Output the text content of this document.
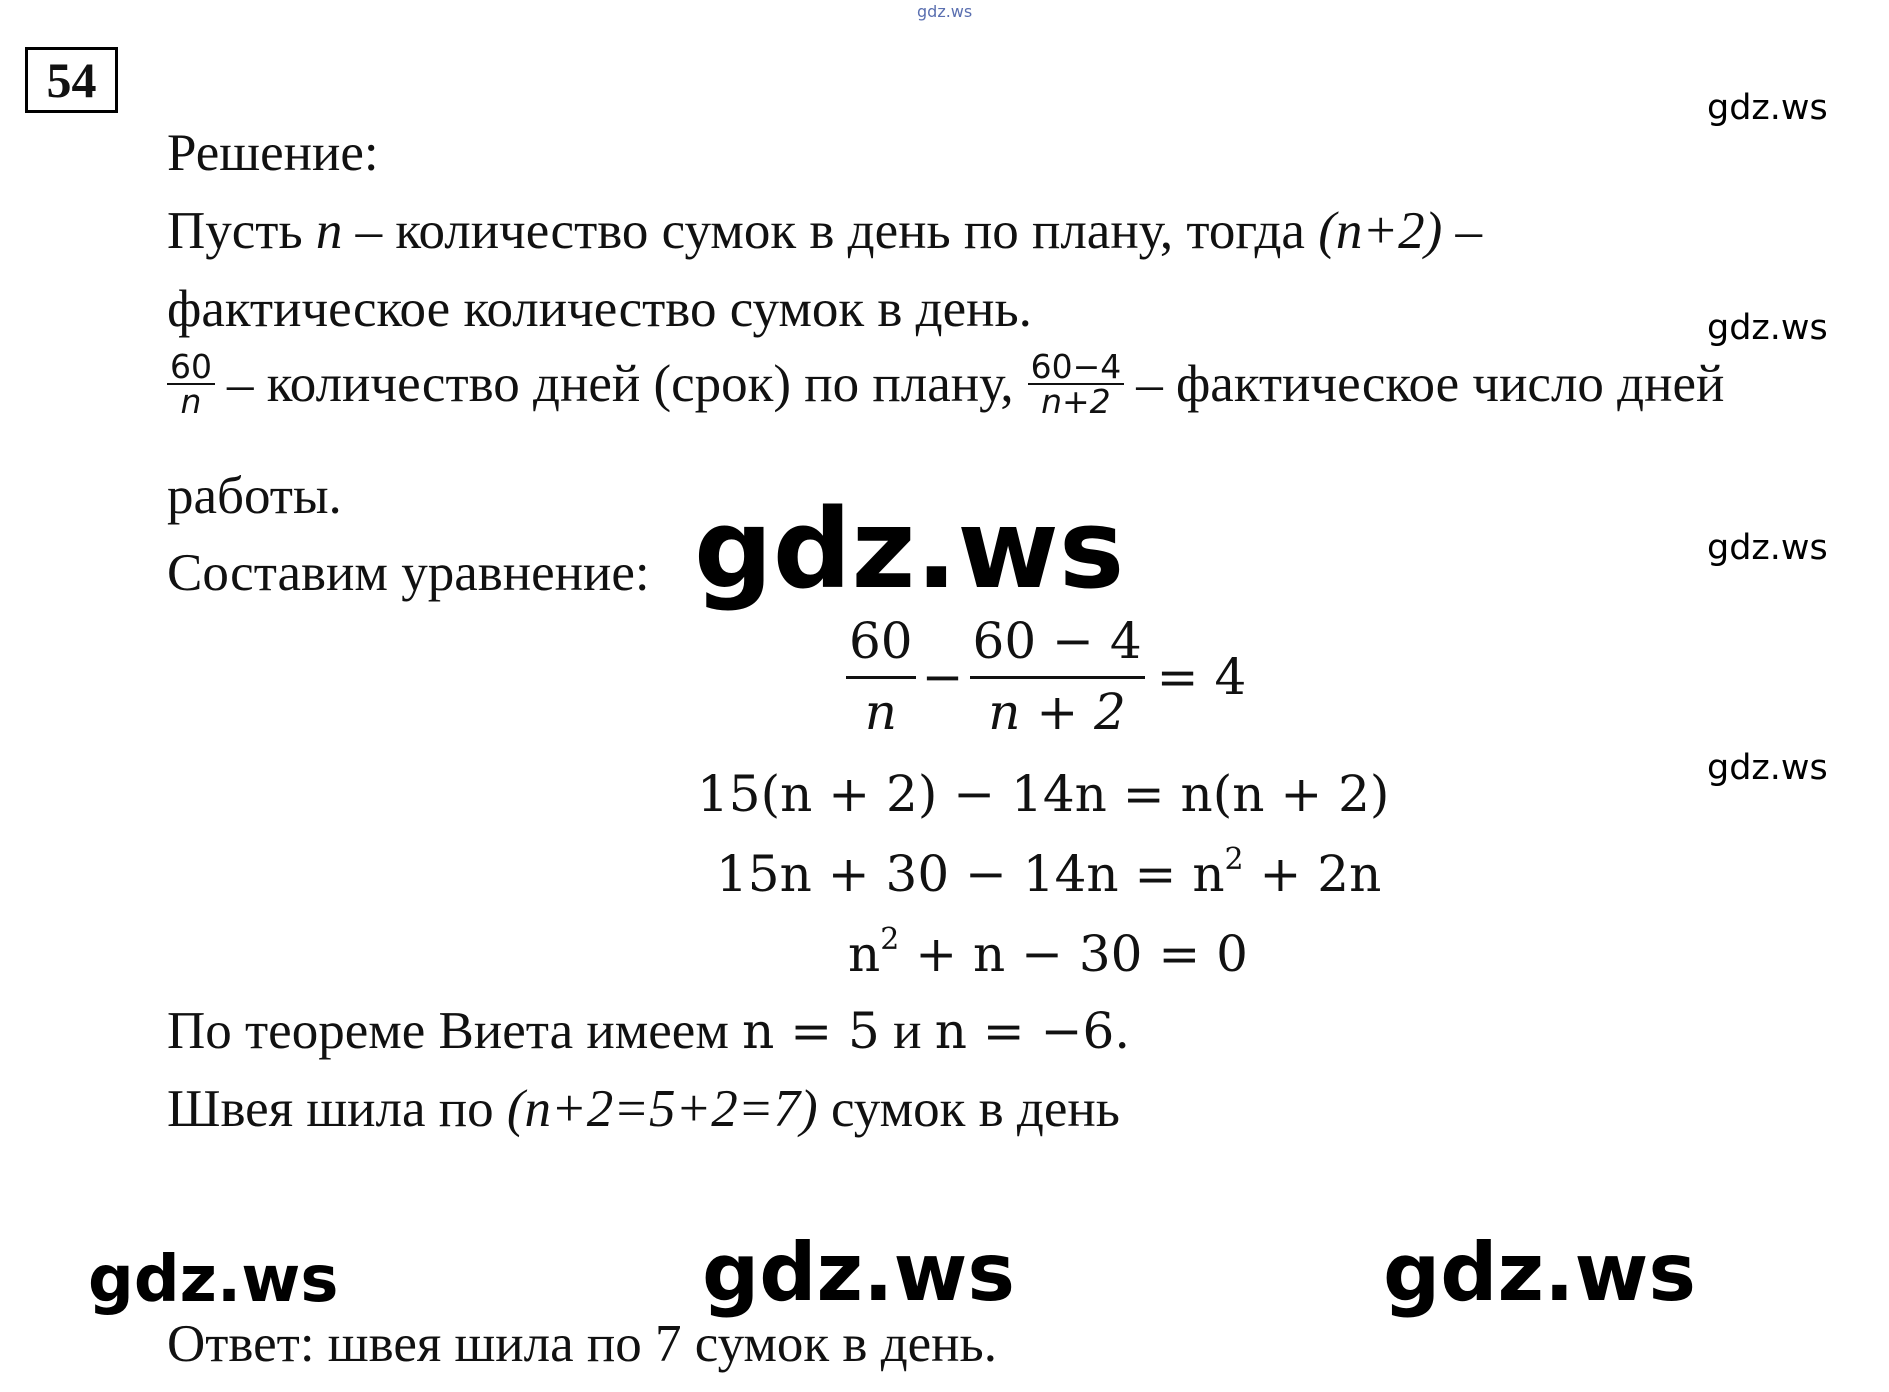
gdz.ws
gdz.ws
gdz.ws
gdz.ws
gdz.ws
54
Решение:
Пусть n – количество сумок в день по плану, тогда (n+2) –
фактическое количество сумок в день.
$\frac{60}{n}$ – количество дней (срок) по плану, $\frac{60-4}{n+2}$ – фактическое число дней
работы.
Составим уравнение: gdz.ws
$\frac{60}{n} - \frac{60 - 4}{n + 2} = 4$
15(n + 2) − 14n = n(n + 2)
$15n + 30 - 14n = n^2 + 2n$
$n^2 + n - 30 = 0$
По теореме Виета имеем n = 5 и n = −6.
Швея шила по (n+2=5+2=7) сумок в день
gdz.ws	gdz.ws	gdz.ws
Ответ: швея шила по 7 сумок в день.
